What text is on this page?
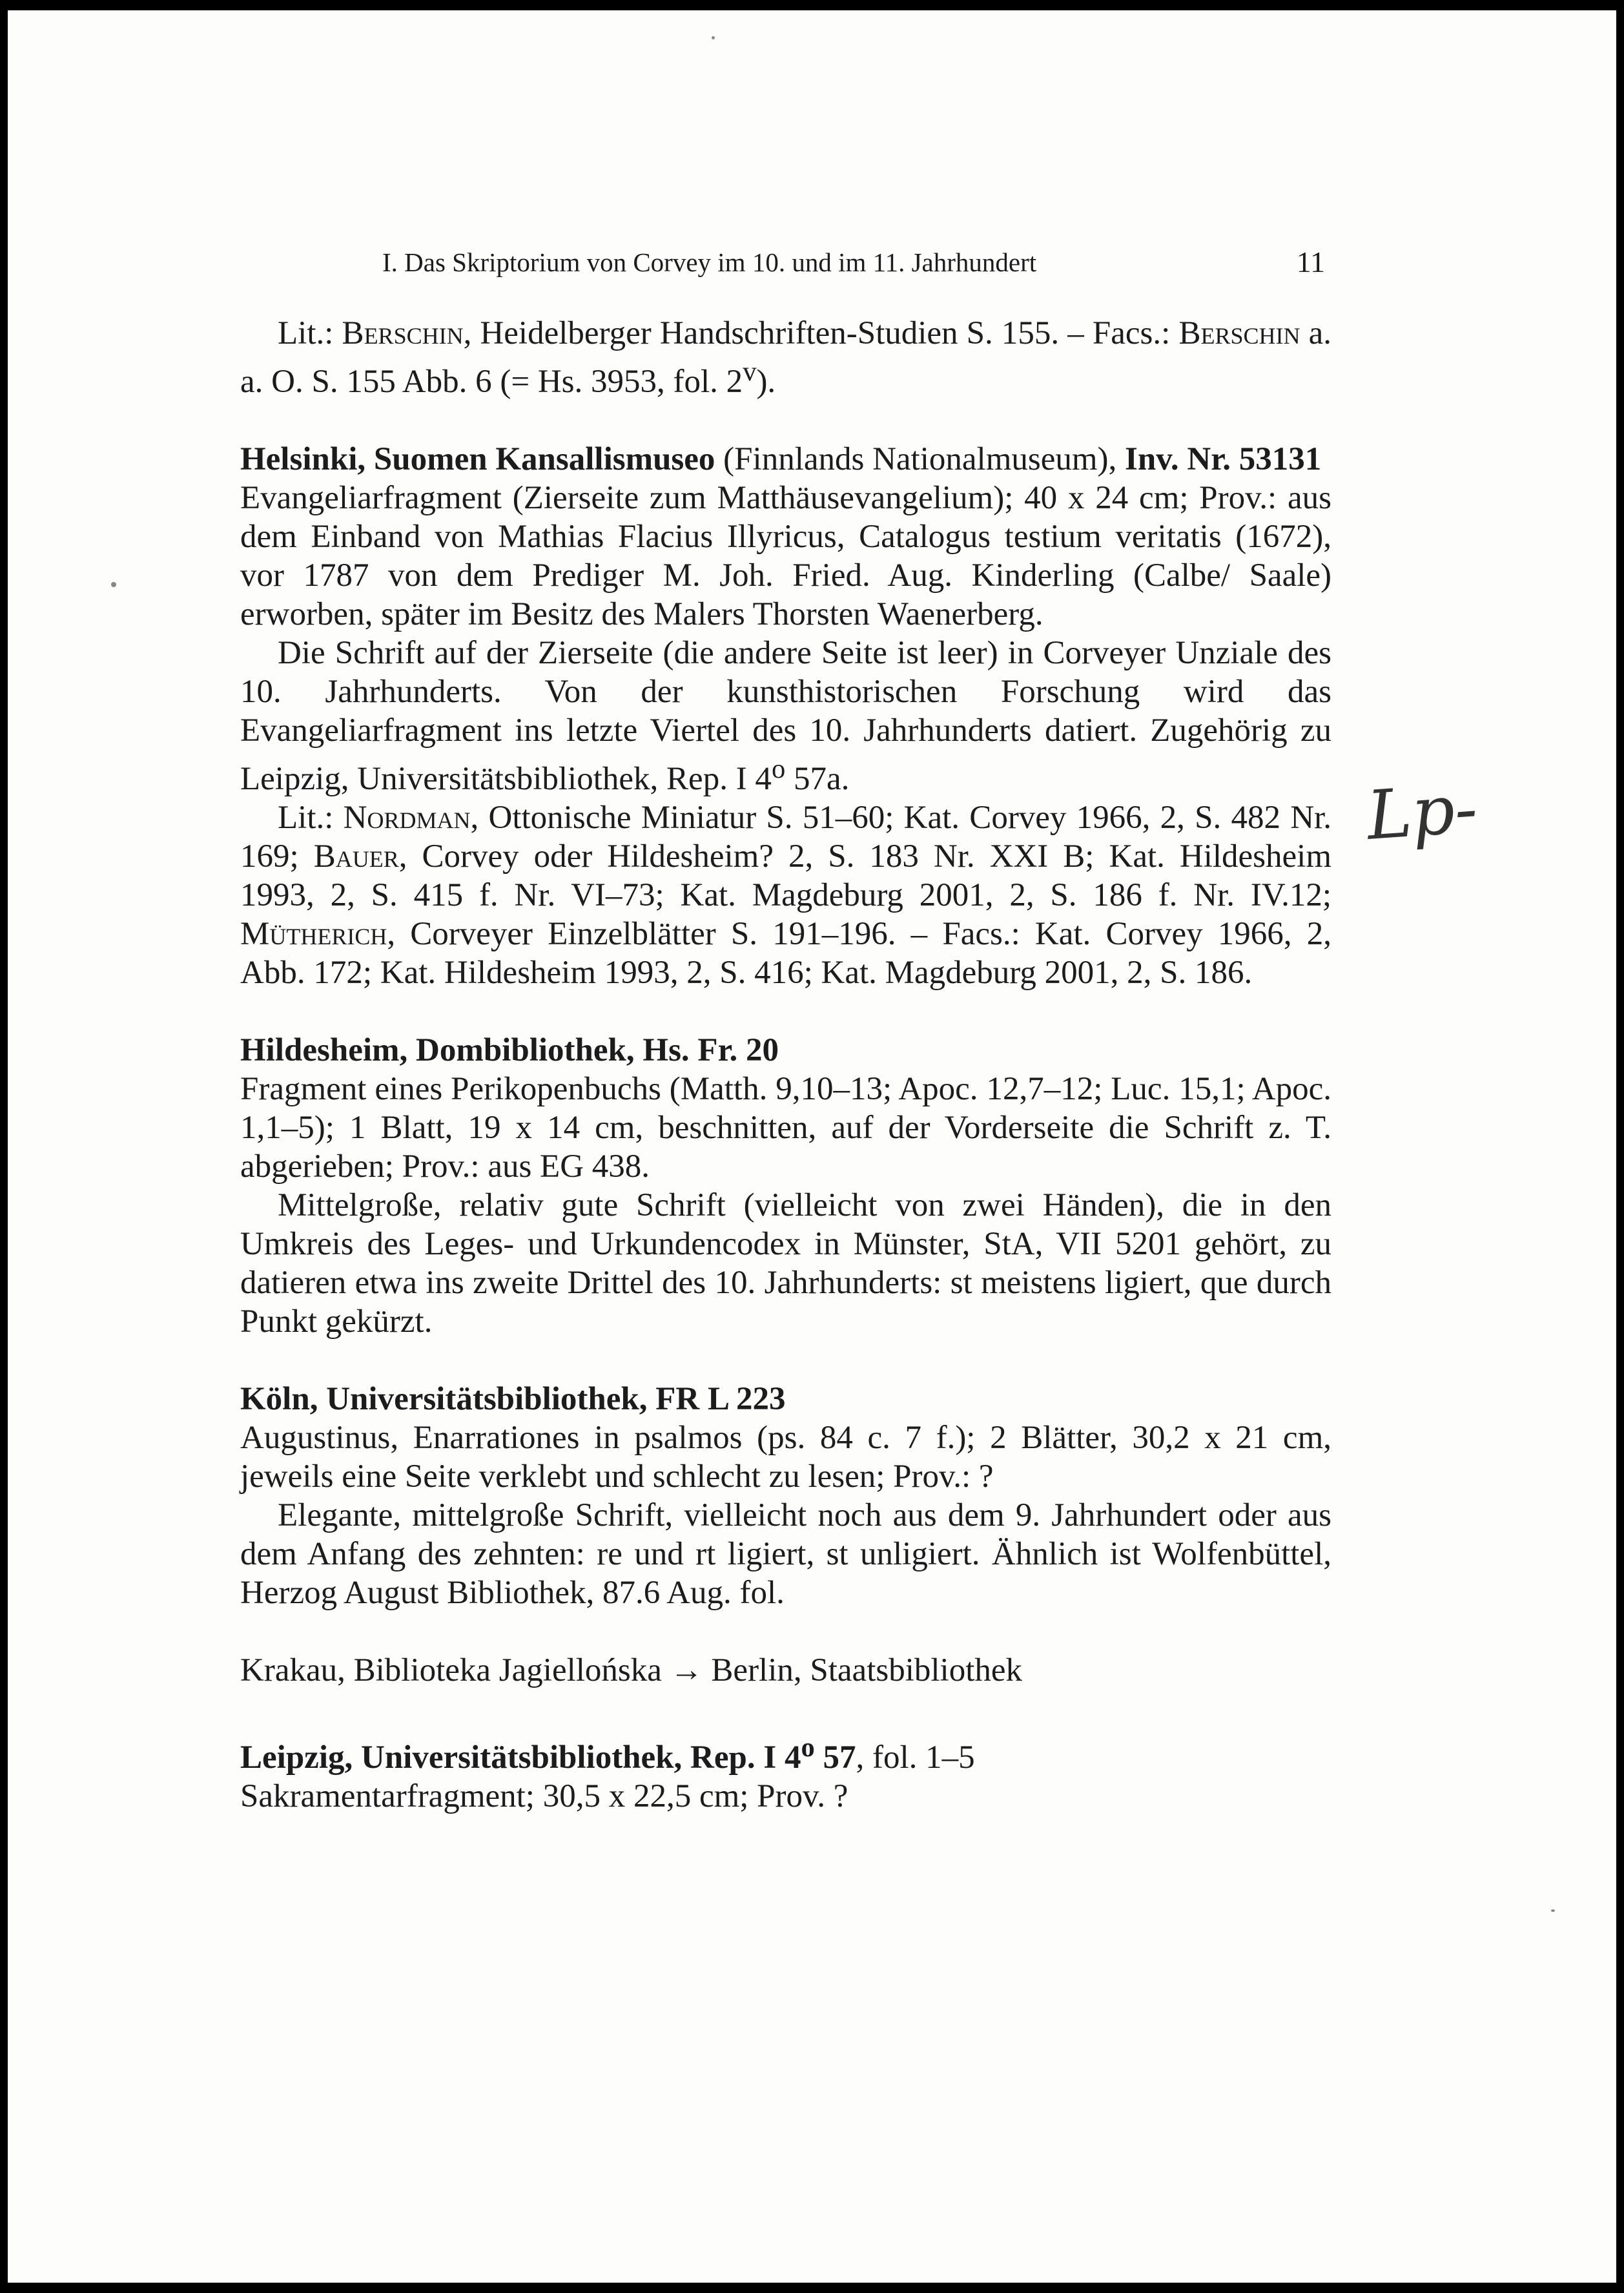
I. Das Skriptorium von Corvey im 10. und im 11. Jahrhundert	11

Lit.: Berschin, Heidelberger Handschriften-Studien S. 155. – Facs.: Berschin a. a. O. S. 155 Abb. 6 (= Hs. 3953, fol. 2$^v$).

Helsinki, Suomen Kansallismuseo (Finnlands Nationalmuseum), Inv. Nr. 53131

Evangeliarfragment (Zierseite zum Matthäusevangelium); 40 x 24 cm; Prov.: aus dem Einband von Mathias Flacius Illyricus, Catalogus testium veritatis (1672), vor 1787 von dem Prediger M. Joh. Fried. Aug. Kinderling (Calbe/ Saale) erworben, später im Besitz des Malers Thorsten Waenerberg.

Die Schrift auf der Zierseite (die andere Seite ist leer) in Corveyer Unziale des 10. Jahrhunderts. Von der kunsthistorischen Forschung wird das Evangeliarfragment ins letzte Viertel des 10. Jahrhunderts datiert. Zugehörig zu Leipzig, Universitätsbibliothek, Rep. I 4$^o$ 57a.

Lit.: Nordman, Ottonische Miniatur S. 51–60; Kat. Corvey 1966, 2, S. 482 Nr. 169; Bauer, Corvey oder Hildesheim? 2, S. 183 Nr. XXI B; Kat. Hildesheim 1993, 2, S. 415 f. Nr. VI–73; Kat. Magdeburg 2001, 2, S. 186 f. Nr. IV.12; Mütherich, Corveyer Einzelblätter S. 191–196. – Facs.: Kat. Corvey 1966, 2, Abb. 172; Kat. Hildesheim 1993, 2, S. 416; Kat. Magdeburg 2001, 2, S. 186.

Hildesheim, Dombibliothek, Hs. Fr. 20

Fragment eines Perikopenbuchs (Matth. 9,10–13; Apoc. 12,7–12; Luc. 15,1; Apoc. 1,1–5); 1 Blatt, 19 x 14 cm, beschnitten, auf der Vorderseite die Schrift z. T. abgerieben; Prov.: aus EG 438.

Mittelgroße, relativ gute Schrift (vielleicht von zwei Händen), die in den Umkreis des Leges- und Urkundencodex in Münster, StA, VII 5201 gehört, zu datieren etwa ins zweite Drittel des 10. Jahrhunderts: st meistens ligiert, que durch Punkt gekürzt.

Köln, Universitätsbibliothek, FR L 223

Augustinus, Enarrationes in psalmos (ps. 84 c. 7 f.); 2 Blätter, 30,2 x 21 cm, jeweils eine Seite verklebt und schlecht zu lesen; Prov.: ?

Elegante, mittelgroße Schrift, vielleicht noch aus dem 9. Jahrhundert oder aus dem Anfang des zehnten: re und rt ligiert, st unligiert. Ähnlich ist Wolfenbüttel, Herzog August Bibliothek, 87.6 Aug. fol.

Krakau, Biblioteka Jagiellońska → Berlin, Staatsbibliothek

Leipzig, Universitätsbibliothek, Rep. I 4$^o$ 57, fol. 1–5

Sakramentarfragment; 30,5 x 22,5 cm; Prov. ?

Lp-
